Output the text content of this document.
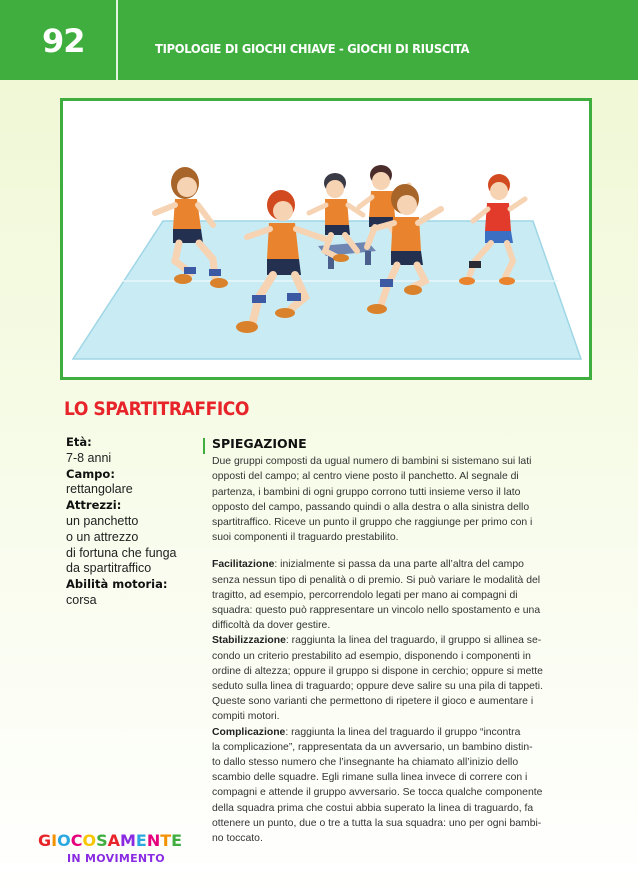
92	TIPOLOGIE DI GIOCHI CHIAVE - GIOCHI DI RIUSCITA
LO SPARTITRAFFICO
Età:
7-8 anni
Campo:
rettangolare
Attrezzi:
un panchetto
o un attrezzo
di fortuna che funga
da spartitraffico
Abilità motoria:
corsa
SPIEGAZIONE

Due gruppi composti da ugual numero di bambini si sistemano sui lati

opposti del campo; al centro viene posto il panchetto. Al segnale di

partenza, i bambini di ogni gruppo corrono tutti insieme verso il lato

opposto del campo, passando quindi o alla destra o alla sinistra dello

spartitraffico. Riceve un punto il gruppo che raggiunge per primo con i

suoi componenti il traguardo prestabilito.

Facilitazione: inizialmente si passa da una parte all’altra del campo

senza nessun tipo di penalità o di premio. Si può variare le modalità del

tragitto, ad esempio, percorrendolo legati per mano ai compagni di

squadra: questo può rappresentare un vincolo nello spostamento e una

difficoltà da dover gestire.

Stabilizzazione: raggiunta la linea del traguardo, il gruppo si allinea se-

condo un criterio prestabilito ad esempio, disponendo i componenti in

ordine di altezza; oppure il gruppo si dispone in cerchio; oppure si mette

seduto sulla linea di traguardo; oppure deve salire su una pila di tappeti.

Queste sono varianti che permettono di ripetere il gioco e aumentare i

compiti motori.

Complicazione: raggiunta la linea del traguardo il gruppo “incontra

la complicazione”, rappresentata da un avversario, un bambino distin-

to dallo stesso numero che l’insegnante ha chiamato all’inizio dello

scambio delle squadre. Egli rimane sulla linea invece di correre con i

compagni e attende il gruppo avversario. Se tocca qualche componente

della squadra prima che costui abbia superato la linea di traguardo, fa

ottenere un punto, due o tre a tutta la sua squadra: uno per ogni bambi-

no toccato.

GIOCOSAMENTE
IN MOVIMENTO
